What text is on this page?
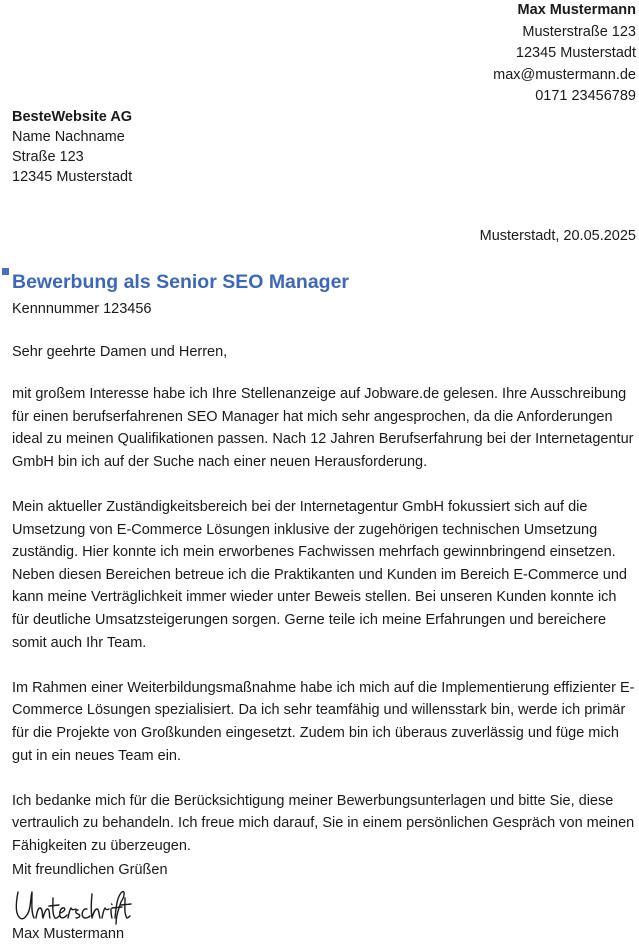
Max Mustermann
Musterstraße 123
12345 Musterstadt
max@mustermann.de
0171 23456789
BesteWebsite AG
Name Nachname
Straße 123
12345 Musterstadt
Musterstadt, 20.05.2025
Bewerbung als Senior SEO Manager
Kennnummer 123456
Sehr geehrte Damen und Herren,

mit großem Interesse habe ich Ihre Stellenanzeige auf Jobware.de gelesen. Ihre Ausschreibung für einen berufserfahrenen SEO Manager hat mich sehr angesprochen, da die Anforderungen ideal zu meinen Qualifikationen passen. Nach 12 Jahren Berufserfahrung bei der Internetagentur GmbH bin ich auf der Suche nach einer neuen Herausforderung.

Mein aktueller Zuständigkeitsbereich bei der Internetagentur GmbH fokussiert sich auf die Umsetzung von E-Commerce Lösungen inklusive der zugehörigen technischen Umsetzung zuständig. Hier konnte ich mein erworbenes Fachwissen mehrfach gewinnbringend einsetzen. Neben diesen Bereichen betreue ich die Praktikanten und Kunden im Bereich E-Commerce und kann meine Verträglichkeit immer wieder unter Beweis stellen. Bei unseren Kunden konnte ich für deutliche Umsatzsteigerungen sorgen. Gerne teile ich meine Erfahrungen und bereichere somit auch Ihr Team.

Im Rahmen einer Weiterbildungsmaßnahme habe ich mich auf die Implementierung effizienter E-Commerce Lösungen spezialisiert. Da ich sehr teamfähig und willensstark bin, werde ich primär für die Projekte von Großkunden eingesetzt. Zudem bin ich überaus zuverlässig und füge mich gut in ein neues Team ein.

Ich bedanke mich für die Berücksichtigung meiner Bewerbungsunterlagen und bitte Sie, diese vertraulich zu behandeln. Ich freue mich darauf, Sie in einem persönlichen Gespräch von meinen Fähigkeiten zu überzeugen.

Mit freundlichen Grüßen
Max Mustermann
